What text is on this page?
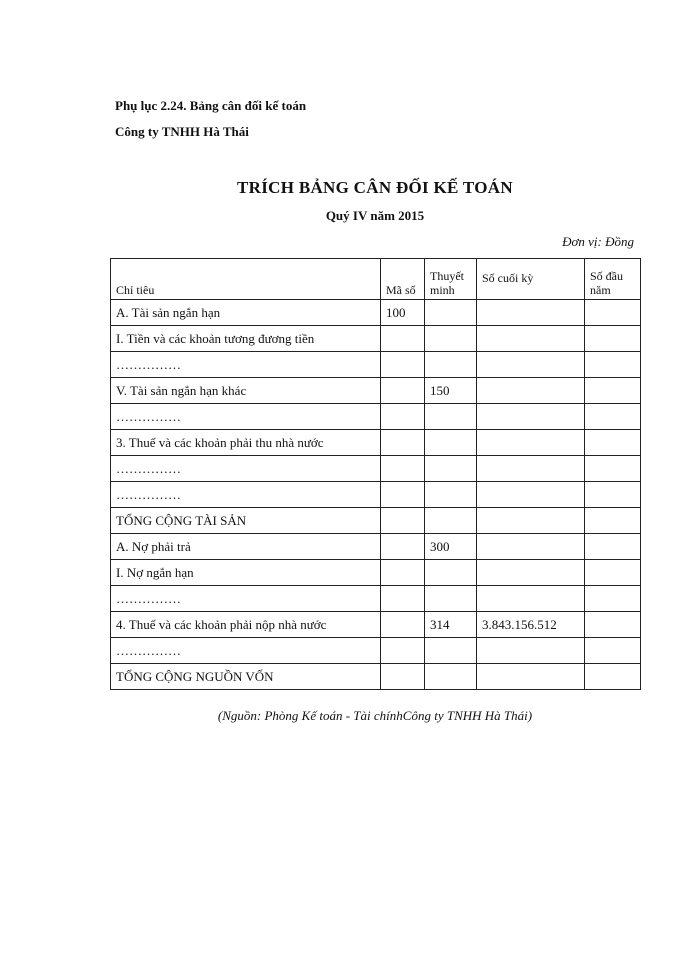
Phụ lục 2.24. Bảng cân đối kế toán
Công ty TNHH Hà Thái
TRÍCH BẢNG CÂN ĐỐI KẾ TOÁN
Quý IV năm 2015
Đơn vị: Đồng
Chỉ tiêu	Mã số	Thuyết minh	Số cuối kỳ	Số đầu năm
A. Tài sản ngắn hạn	100			
I. Tiền và các khoản tương đương tiền				
……………				
V. Tài sản ngắn hạn khác		150		
……………				
3. Thuế và các khoản phải thu nhà nước				
……………				
……………				
TỔNG CỘNG TÀI SẢN				
A. Nợ phải trả		300		
I. Nợ ngắn hạn				
……………				
4. Thuế và các khoản phải nộp nhà nước		314	3.843.156.512	
……………				
TỔNG CỘNG NGUỒN VỐN				
(Nguồn: Phòng Kế toán - Tài chínhCông ty TNHH Hà Thái)
